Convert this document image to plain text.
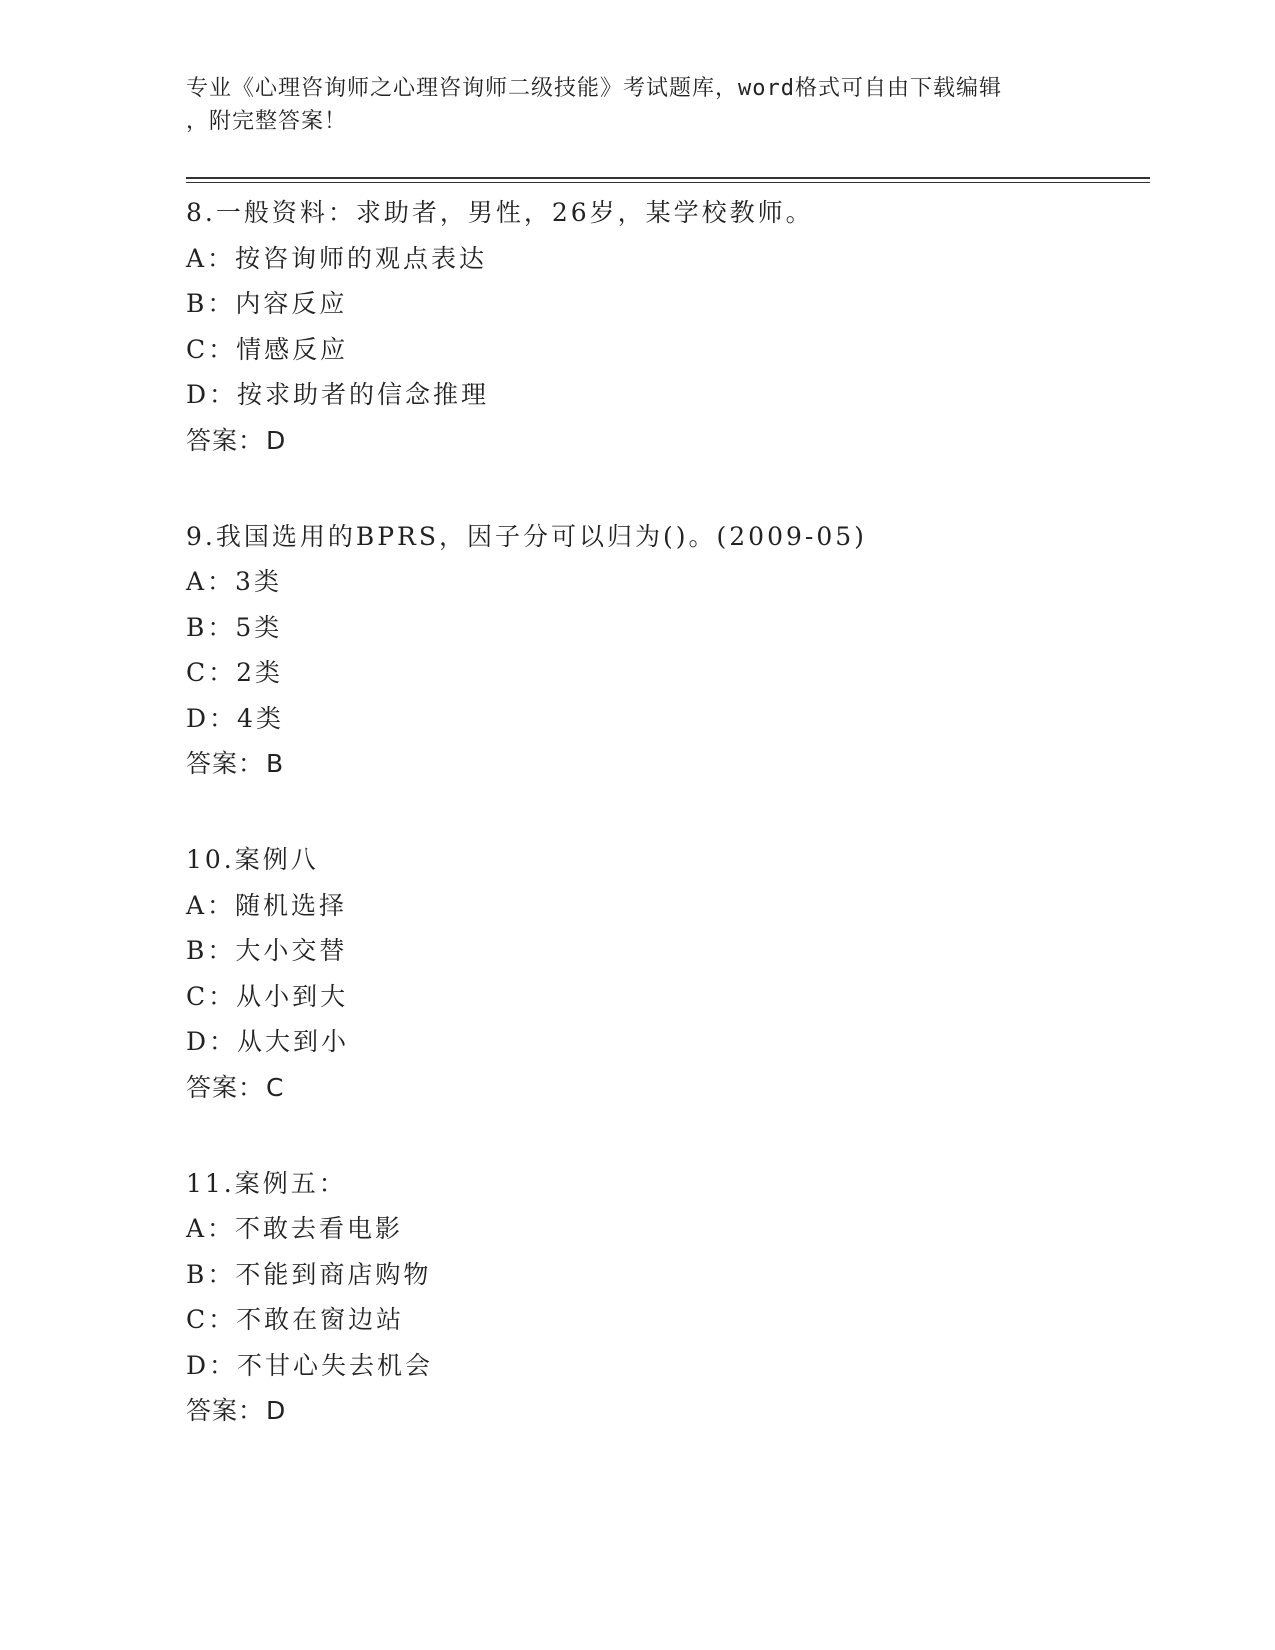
专业《心理咨询师之心理咨询师二级技能》考试题库，word格式可自由下载编辑
，附完整答案！
8.一般资料：求助者，男性，26岁，某学校教师。
A：按咨询师的观点表达
B：内容反应
C：情感反应
D：按求助者的信念推理
答案：D
9.我国选用的BPRS，因子分可以归为()。(2009-05)
A：3类
B：5类
C：2类
D：4类
答案：B
10.案例八
A：随机选择
B：大小交替
C：从小到大
D：从大到小
答案：C
11.案例五：
A：不敢去看电影
B：不能到商店购物
C：不敢在窗边站
D：不甘心失去机会
答案：D
